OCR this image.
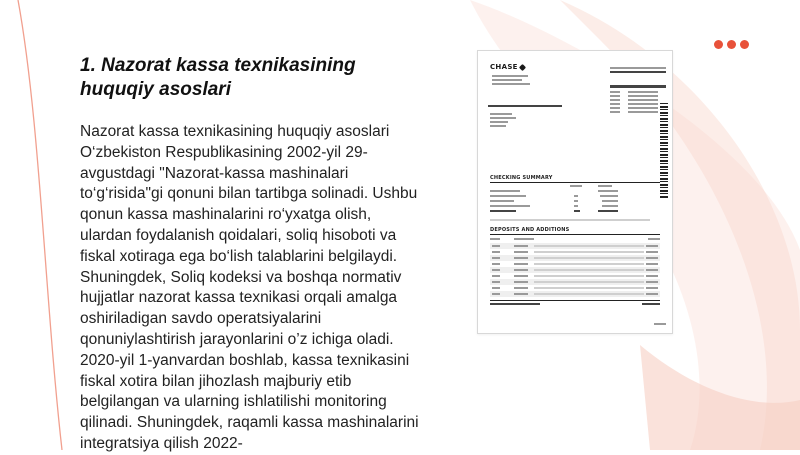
1. Nazorat kassa texnikasining huquqiy asoslari

Nazorat kassa texnikasining huquqiy asoslari O‘zbekiston Respublikasining 2002-yil 29-avgustdagi "Nazorat-kassa mashinalari to‘g‘risida"gi qonuni bilan tartibga solinadi. Ushbu qonun kassa mashinalarini ro‘yxatga olish, ulardan foydalanish qoidalari, soliq hisoboti va fiskal xotiraga ega bo‘lish talablarini belgilaydi. Shuningdek, Soliq kodeksi va boshqa normativ hujjatlar nazorat kassa texnikasi orqali amalga oshiriladigan savdo operatsiyalarini qonuniylashtirish jarayonlarini o’z ichiga oladi. 2020-yil 1-yanvardan boshlab, kassa texnikasini fiskal xotira bilan jihozlash majburiy etib belgilangan va ularning ishlatilishi monitoring qilinadi. Shuningdek, raqamli kassa mashinalarini integratsiya qilish 2022-

CHASE
CHECKING SUMMARY
DEPOSITS AND ADDITIONS
